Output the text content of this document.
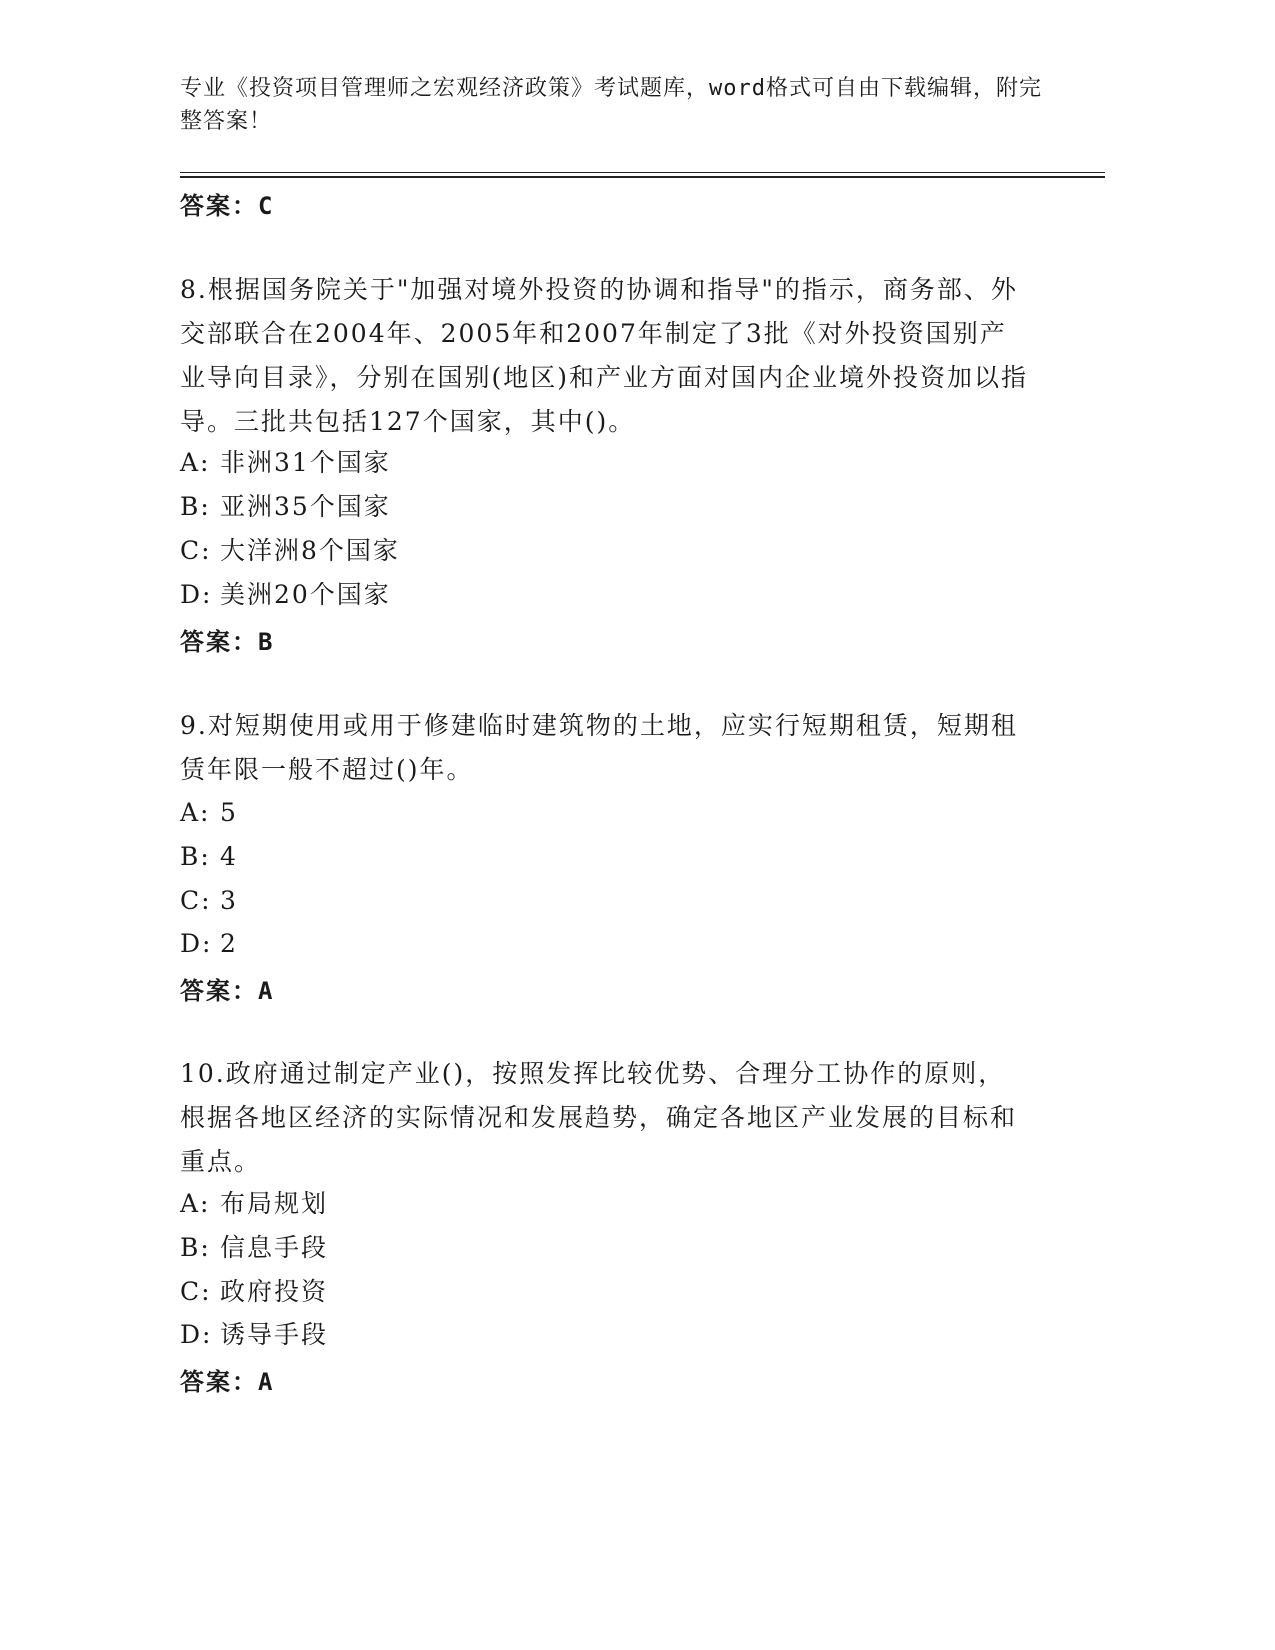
专业《投资项目管理师之宏观经济政策》考试题库，word格式可自由下载编辑，附完整答案！
答案：C
8.根据国务院关于"加强对境外投资的协调和指导"的指示，商务部、外交部联合在2004年、2005年和2007年制定了3批《对外投资国别产业导向目录》，分别在国别(地区)和产业方面对国内企业境外投资加以指导。三批共包括127个国家，其中()。
A: 非洲31个国家
B: 亚洲35个国家
C: 大洋洲8个国家
D: 美洲20个国家
答案：B
9.对短期使用或用于修建临时建筑物的土地，应实行短期租赁，短期租赁年限一般不超过()年。
A: 5
B: 4
C: 3
D: 2
答案：A
10.政府通过制定产业()，按照发挥比较优势、合理分工协作的原则，根据各地区经济的实际情况和发展趋势，确定各地区产业发展的目标和重点。
A: 布局规划
B: 信息手段
C: 政府投资
D: 诱导手段
答案：A
